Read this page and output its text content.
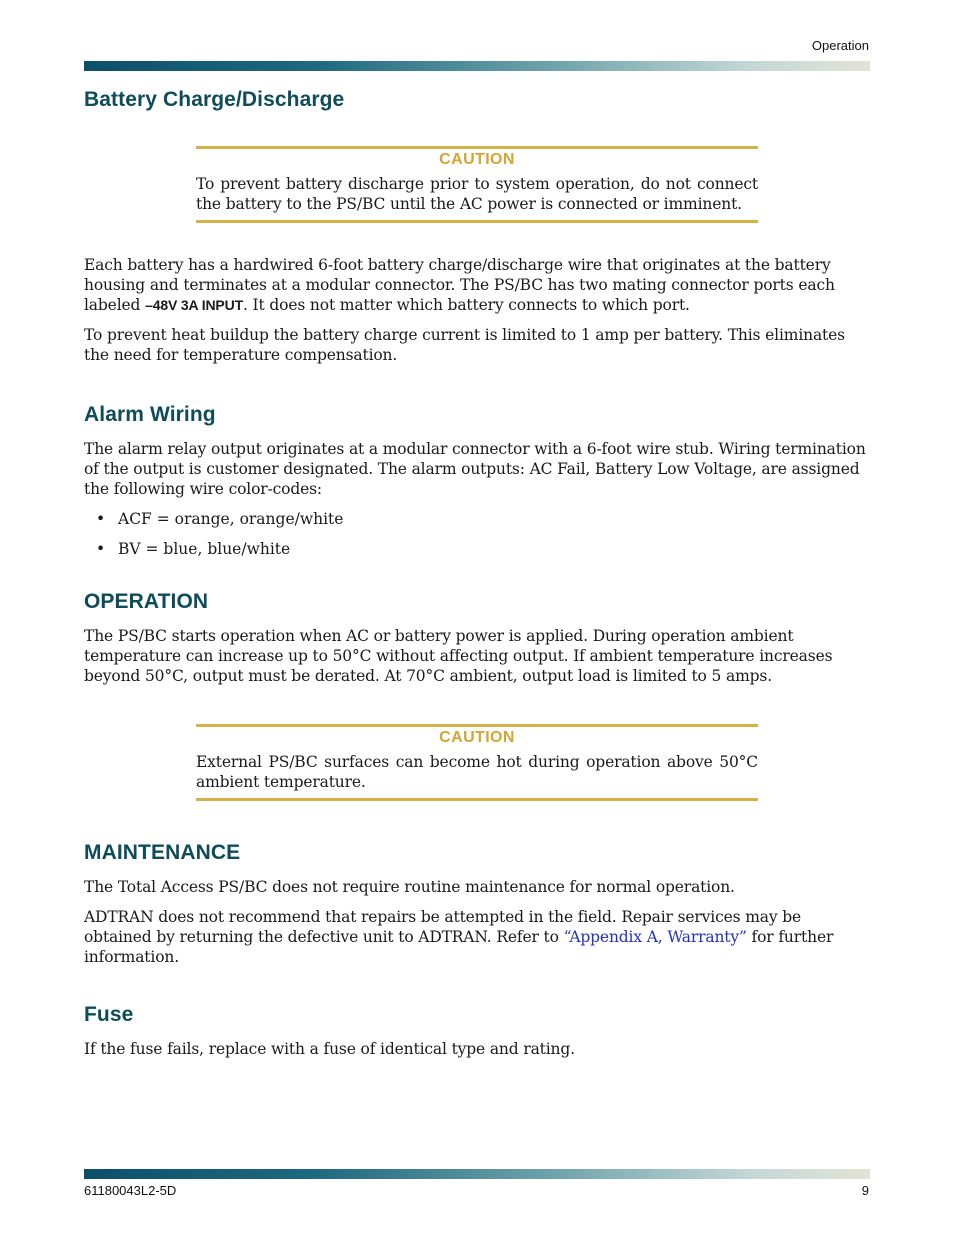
Operation
Battery Charge/Discharge
CAUTION

To prevent battery discharge prior to system operation, do not connect the battery to the PS/BC until the AC power is connected or imminent.

Each battery has a hardwired 6-foot battery charge/discharge wire that originates at the battery housing and terminates at a modular connector. The PS/BC has two mating connector ports each labeled –48V 3A INPUT. It does not matter which battery connects to which port.

To prevent heat buildup the battery charge current is limited to 1 amp per battery. This eliminates the need for temperature compensation.

Alarm Wiring

The alarm relay output originates at a modular connector with a 6-foot wire stub. Wiring termination of the output is customer designated. The alarm outputs: AC Fail, Battery Low Voltage, are assigned the following wire color-codes:

• ACF = orange, orange/white
• BV = blue, blue/white
OPERATION

The PS/BC starts operation when AC or battery power is applied. During operation ambient temperature can increase up to 50°C without affecting output. If ambient temperature increases beyond 50°C, output must be derated. At 70°C ambient, output load is limited to 5 amps.

CAUTION

External PS/BC surfaces can become hot during operation above 50°C ambient temperature.

MAINTENANCE

The Total Access PS/BC does not require routine maintenance for normal operation.

ADTRAN does not recommend that repairs be attempted in the field. Repair services may be obtained by returning the defective unit to ADTRAN. Refer to “Appendix A, Warranty” for further information.

Fuse

If the fuse fails, replace with a fuse of identical type and rating.

61180043L2-5D	9
